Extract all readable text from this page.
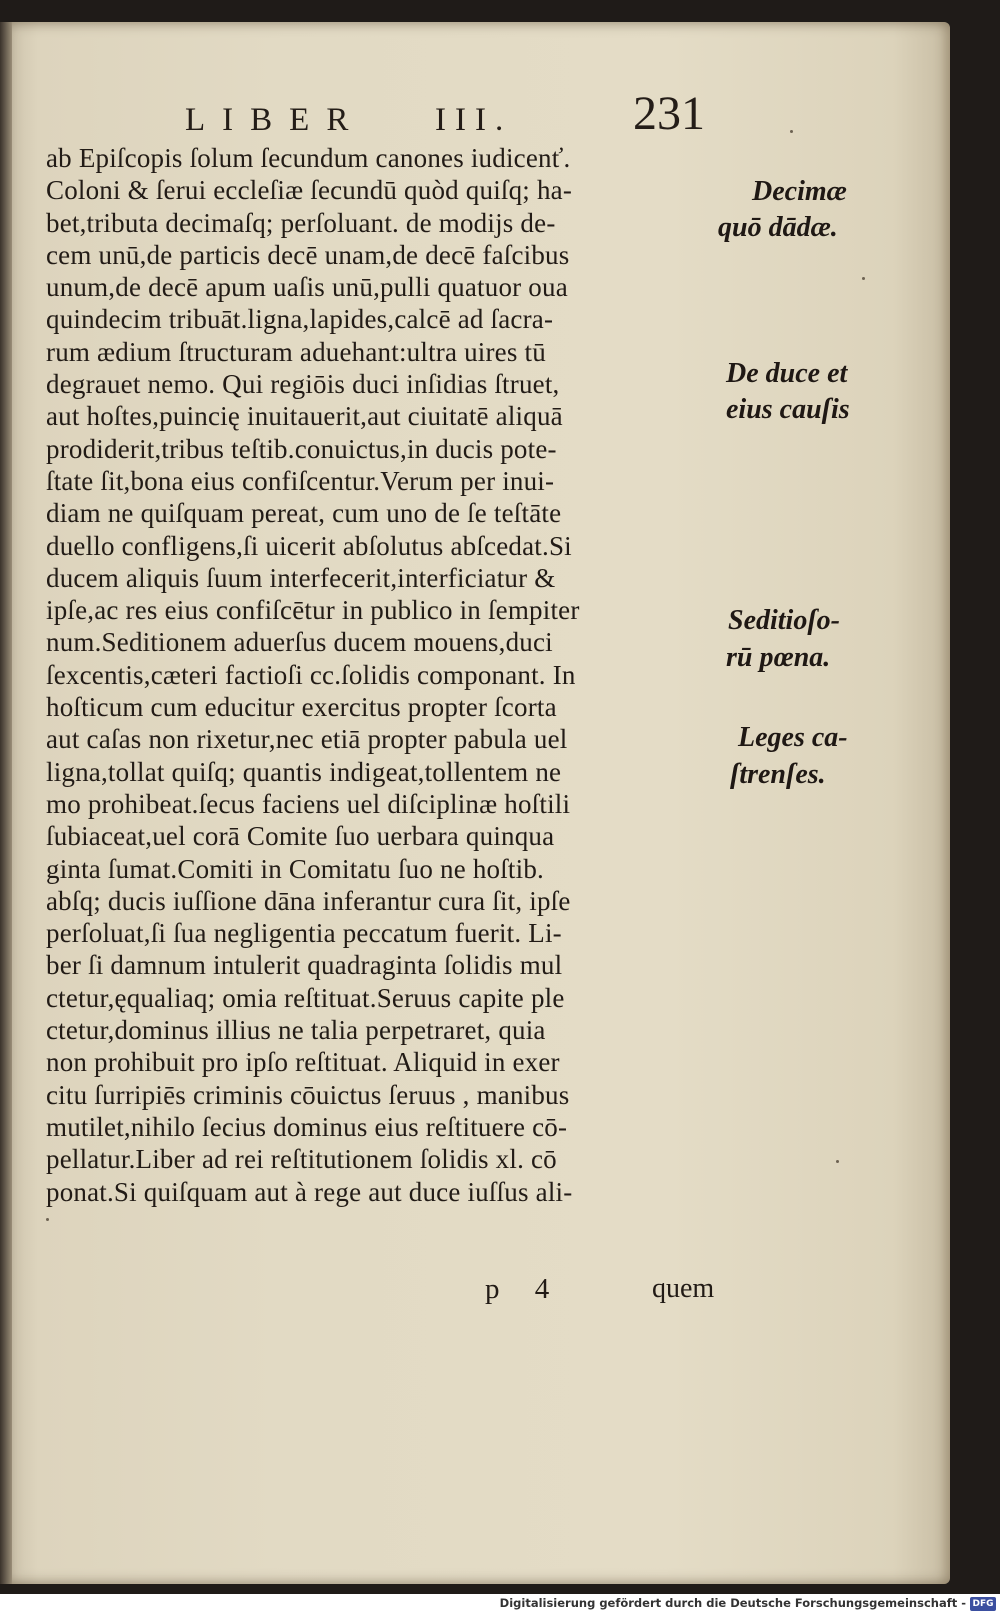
LIBER III.	231
ab Epiſcopis ſolum ſecundum canones iudicenť.
Coloni & ſerui eccleſiæ ſecundū quòd quiſq; ha-
bet,tributa decimaſq; perſoluant. de modijs de-
cem unū,de particis decē unam,de decē faſcibus
unum,de decē apum uaſis unū,pulli quatuor oua
quindecim tribuāt.ligna,lapides,calcē ad ſacra-
rum ædium ſtructuram aduehant:ultra uires tū
degrauet nemo. Qui regiōis duci inſidias ſtruet,
aut hoſtes,puincię inuitauerit,aut ciuitatē aliquā
prodiderit,tribus teſtib.conuictus,in ducis pote-
ſtate ſit,bona eius confiſcentur.Verum per inui-
diam ne quiſquam pereat, cum uno de ſe teſtāte
duello confligens,ſi uicerit abſolutus abſcedat.Si
ducem aliquis ſuum interfecerit,interficiatur &
ipſe,ac res eius confiſcētur in publico in ſempiter
num.Seditionem aduerſus ducem mouens,duci
ſexcentis,cæteri factioſi cc.ſolidis componant. In
hoſticum cum educitur exercitus propter ſcorta
aut caſas non rixetur,nec etiā propter pabula uel
ligna,tollat quiſq; quantis indigeat,tollentem ne
mo prohibeat.ſecus faciens uel diſciplinæ hoſtili
ſubiaceat,uel corā Comite ſuo uerbara quinqua
ginta ſumat.Comiti in Comitatu ſuo ne hoſtib.
abſq; ducis iuſſione dāna inferantur cura ſit, ipſe
perſoluat,ſi ſua negligentia peccatum fuerit. Li-
ber ſi damnum intulerit quadraginta ſolidis mul
ctetur,ęqualiaq; omia reſtituat.Seruus capite ple
ctetur,dominus illius ne talia perpetraret, quia
non prohibuit pro ipſo reſtituat. Aliquid in exer
citu ſurripiēs criminis cōuictus ſeruus , manibus
mutilet,nihilo ſecius dominus eius reſtituere cō-
pellatur.Liber ad rei reſtitutionem ſolidis xl. cō
ponat.Si quiſquam aut à rege aut duce iuſſus ali-
Decimæ
quō dādæ.
De duce et
eius cauſis
Seditioſo-
rū pœna.
Leges ca-
ſtrenſes.
p 4	quem
Digitalisierung gefördert durch die Deutsche Forschungsgemeinschaft - DFG
